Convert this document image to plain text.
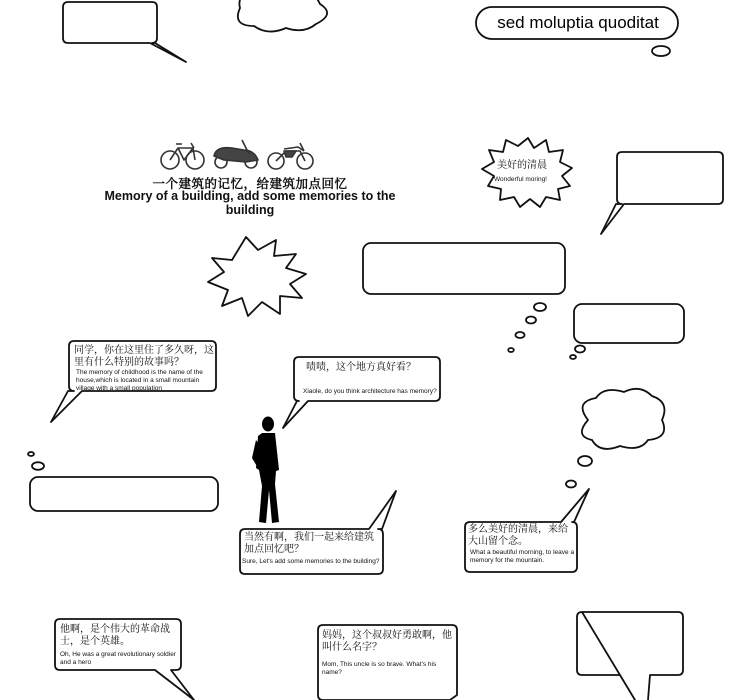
sed moluptia quoditat
一个建筑的记忆，给建筑加点回忆
Memory of a building, add some memories to the building
美好的清晨
Wonderful moring!
同学，你在这里住了多久呀，这里有什么特别的故事吗？
The memory of childhood is the name of the house,which is located in a small mountain village with a small population
啧啧，这个地方真好看？
Xiaole, do you think architecture has memory?
当然有啊，我们一起来给建筑加点回忆吧？
Sure, Let's add some memories to the building?
多么美好的清晨，来给大山留个念。
What a beautiful morning, to leave a memory for the mountain.
他啊，是个伟大的革命战士，是个英雄。
Oh, He was a great revolutionary soldier and a hero
妈妈，这个叔叔好勇敢啊，他叫什么名字？
Mom, This uncle is so brave. What's his name?
